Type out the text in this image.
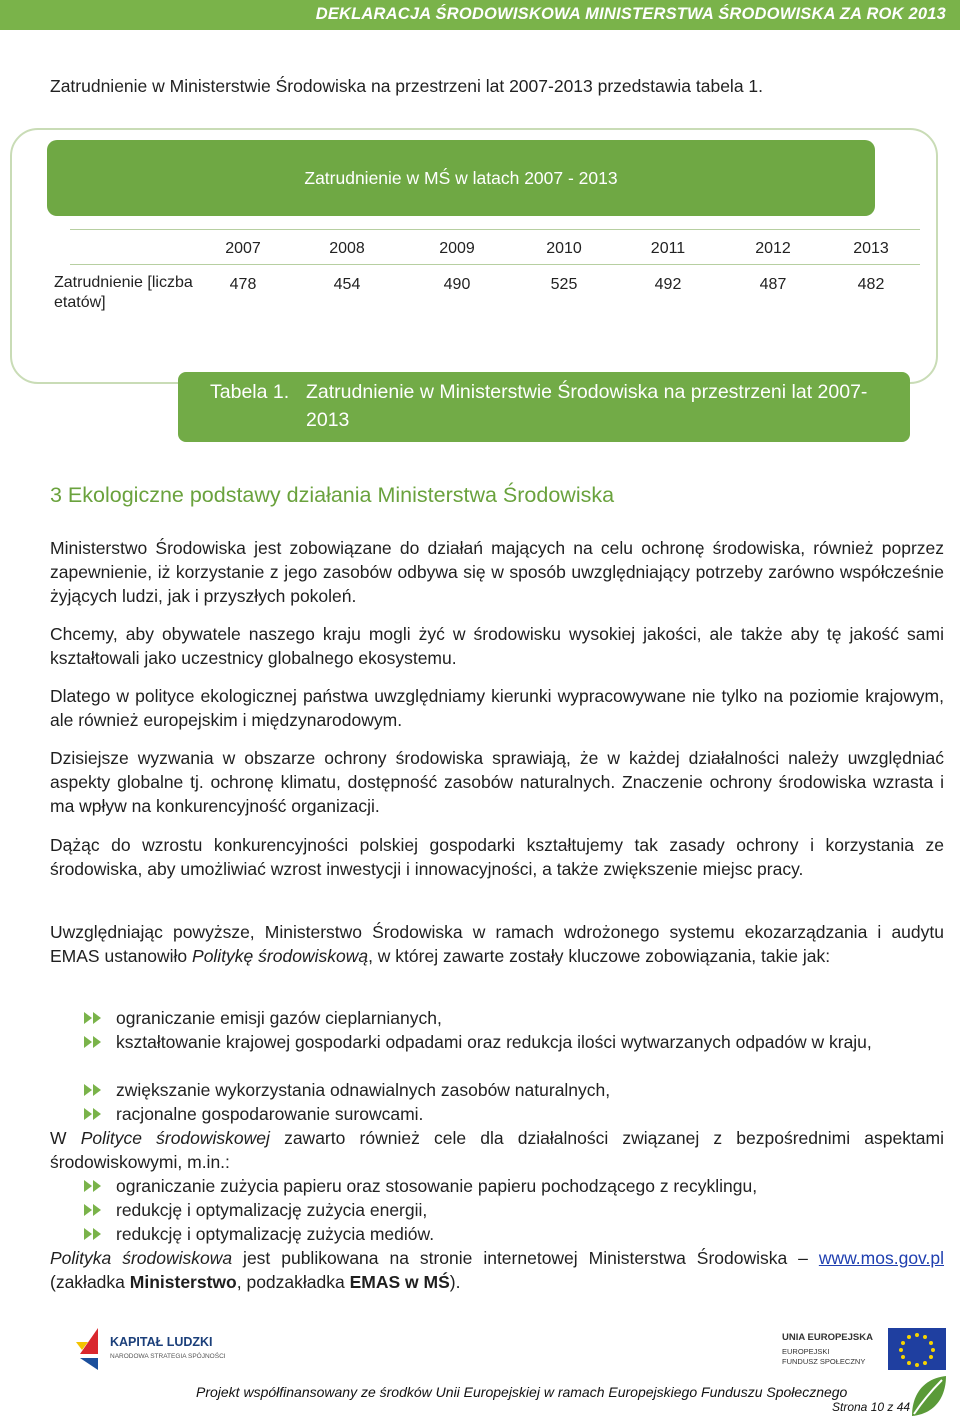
DEKLARACJA ŚRODOWISKOWA MINISTERSTWA ŚRODOWISKA ZA ROK 2013

Zatrudnienie w Ministerstwie Środowiska na przestrzeni lat 2007-2013 przedstawia tabela 1.

Zatrudnienie w MŚ w latach 2007 - 2013
Zatrudnienie [liczba etatów]
2007	2008	2009	2010	2011	2012	2013
478	454	490	525	492	487	482
Tabela 1. Zatrudnienie w Ministerstwie Środowiska na przestrzeni lat 2007-2013
3 Ekologiczne podstawy działania Ministerstwa Środowiska

Ministerstwo Środowiska jest zobowiązane do działań mających na celu ochronę środowiska, również poprzez zapewnienie, iż korzystanie z jego zasobów odbywa się w sposób uwzględniający potrzeby zarówno współcześnie żyjących ludzi, jak i przyszłych pokoleń.

Chcemy, aby obywatele naszego kraju mogli żyć w środowisku wysokiej jakości, ale także aby tę jakość sami kształtowali jako uczestnicy globalnego ekosystemu.

Dlatego w polityce ekologicznej państwa uwzględniamy kierunki wypracowywane nie tylko na poziomie krajowym, ale również europejskim i międzynarodowym.

Dzisiejsze wyzwania w obszarze ochrony środowiska sprawiają, że w każdej działalności należy uwzględniać aspekty globalne tj. ochronę klimatu, dostępność zasobów naturalnych. Znaczenie ochrony środowiska wzrasta i ma wpływ na konkurencyjność organizacji.

Dążąc do wzrostu konkurencyjności polskiej gospodarki kształtujemy tak zasady ochrony i korzystania ze środowiska, aby umożliwiać wzrost inwestycji i innowacyjności, a także zwiększenie miejsc pracy.

Uwzględniając powyższe, Ministerstwo Środowiska w ramach wdrożonego systemu ekozarządzania i audytu EMAS ustanowiło Politykę środowiskową, w której zawarte zostały kluczowe zobowiązania, takie jak:

ograniczanie emisji gazów cieplarnianych,
kształtowanie krajowej gospodarki odpadami oraz redukcja ilości wytwarzanych odpadów w kraju,
zwiększanie wykorzystania odnawialnych zasobów naturalnych,
racjonalne gospodarowanie surowcami.

W Polityce środowiskowej zawarto również cele dla działalności związanej z bezpośrednimi aspektami środowiskowymi, m.in.:

ograniczanie zużycia papieru oraz stosowanie papieru pochodzącego z recyklingu,
redukcję i optymalizację zużycia energii,
redukcję i optymalizację zużycia mediów.

Polityka środowiskowa jest publikowana na stronie internetowej Ministerstwa Środowiska – www.mos.gov.pl (zakładka Ministerstwo, podzakładka EMAS w MŚ).

KAPITAŁ LUDZKI
NARODOWA STRATEGIA SPÓJNOŚCI
UNIA EUROPEJSKA
EUROPEJSKI
FUNDUSZ SPOŁECZNY
Projekt współfinansowany ze środków Unii Europejskiej w ramach Europejskiego Funduszu Społecznego
Strona 10 z 44
